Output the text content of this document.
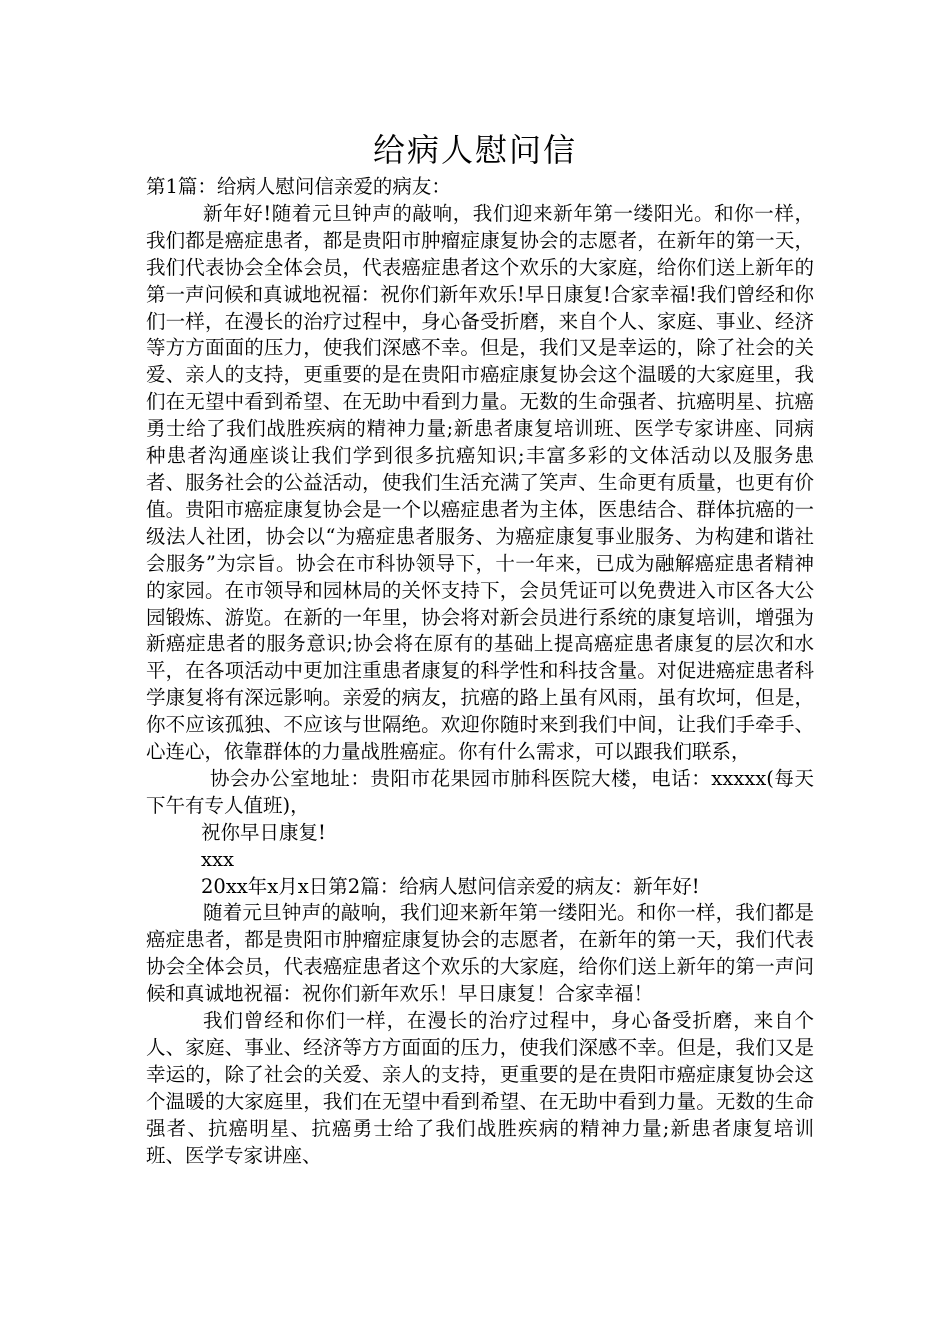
给病人慰问信

第1篇：给病人慰问信亲爱的病友：

新年好!随着元旦钟声的敲响，我们迎来新年第一缕阳光。和你一样，我们都是癌症患者，都是贵阳市肿瘤症康复协会的志愿者，在新年的第一天，我们代表协会全体会员，代表癌症患者这个欢乐的大家庭，给你们送上新年的第一声问候和真诚地祝福：祝你们新年欢乐!早日康复!合家幸福!我们曾经和你们一样，在漫长的治疗过程中，身心备受折磨，来自个人、家庭、事业、经济等方方面面的压力，使我们深感不幸。但是，我们又是幸运的，除了社会的关爱、亲人的支持，更重要的是在贵阳市癌症康复协会这个温暖的大家庭里，我们在无望中看到希望、在无助中看到力量。无数的生命强者、抗癌明星、抗癌勇士给了我们战胜疾病的精神力量;新患者康复培训班、医学专家讲座、同病种患者沟通座谈让我们学到很多抗癌知识;丰富多彩的文体活动以及服务患者、服务社会的公益活动，使我们生活充满了笑声、生命更有质量，也更有价值。贵阳市癌症康复协会是一个以癌症患者为主体，医患结合、群体抗癌的一级法人社团，协会以“为癌症患者服务、为癌症康复事业服务、为构建和谐社会服务”为宗旨。协会在市科协领导下，十一年来，已成为融解癌症患者精神的家园。在市领导和园林局的关怀支持下，会员凭证可以免费进入市区各大公园锻炼、游览。在新的一年里，协会将对新会员进行系统的康复培训，增强为新癌症患者的服务意识;协会将在原有的基础上提高癌症患者康复的层次和水平，在各项活动中更加注重患者康复的科学性和科技含量。对促进癌症患者科学康复将有深远影响。亲爱的病友，抗癌的路上虽有风雨，虽有坎坷，但是，你不应该孤独、不应该与世隔绝。欢迎你随时来到我们中间，让我们手牵手、心连心，依靠群体的力量战胜癌症。你有什么需求，可以跟我们联系，

协会办公室地址：贵阳市花果园市肺科医院大楼，电话：xxxxx(每天下午有专人值班)，

祝你早日康复!

xxx

20xx年x月x日第2篇：给病人慰问信亲爱的病友：新年好!

随着元旦钟声的敲响，我们迎来新年第一缕阳光。和你一样，我们都是癌症患者，都是贵阳市肿瘤症康复协会的志愿者，在新年的第一天，我们代表协会全体会员，代表癌症患者这个欢乐的大家庭，给你们送上新年的第一声问候和真诚地祝福：祝你们新年欢乐！早日康复！合家幸福！

我们曾经和你们一样，在漫长的治疗过程中，身心备受折磨，来自个人、家庭、事业、经济等方方面面的压力，使我们深感不幸。但是，我们又是幸运的，除了社会的关爱、亲人的支持，更重要的是在贵阳市癌症康复协会这个温暖的大家庭里，我们在无望中看到希望、在无助中看到力量。无数的生命强者、抗癌明星、抗癌勇士给了我们战胜疾病的精神力量;新患者康复培训班、医学专家讲座、
